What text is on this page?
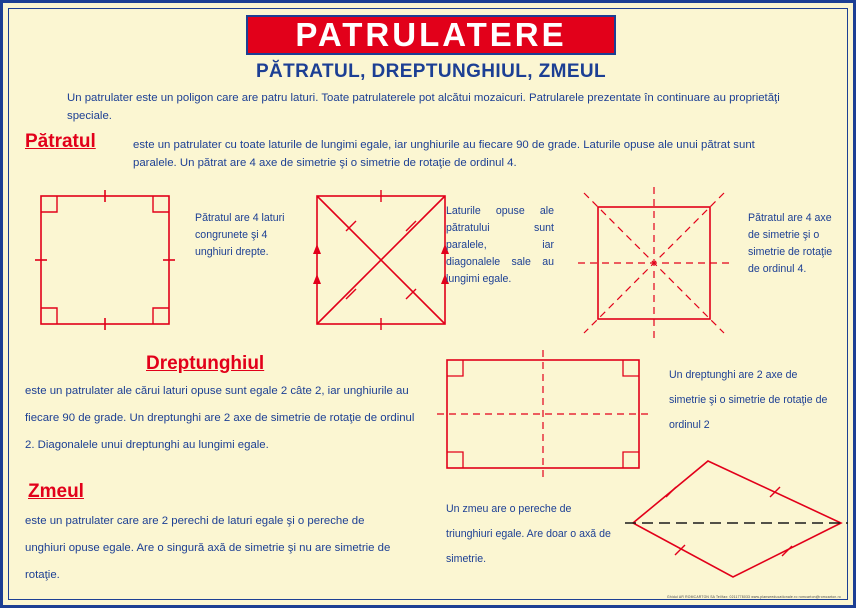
PATRULATERE
PĂTRATUL, DREPTUNGHIUL, ZMEUL
Un patrulater este un poligon care are patru laturi. Toate patrulaterele pot alcătui mozaicuri. Patrularele prezentate în continuare au proprietăţi speciale.
Pătratul	este un patrulater cu toate laturile de lungimi egale, iar unghiurile au fiecare 90 de grade. Laturile opuse ale unui pătrat sunt paralele. Un pătrat are 4 axe de simetrie şi o simetrie de rotaţie de ordinul 4.
Pătratul are 4 laturi congrunete şi 4 unghiuri drepte.
Laturile opuse ale pătratului sunt paralele, iar diagonalele sale au lungimi egale.
Pătratul are 4 axe de simetrie şi o simetrie de rotaţie de ordinul 4.
Dreptunghiul
este un patrulater ale cărui laturi opuse sunt egale 2 câte 2, iar unghiurile au fiecare 90 de grade. Un dreptunghi are 2 axe de simetrie de rotaţie de ordinul 2. Diagonalele unui dreptunghi au lungimi egale.
Un dreptunghi are 2 axe de simetrie şi o simetrie de rotaţie de ordinul 2
Zmeul
este un patrulater care are 2 perechi de laturi egale şi o pereche de unghiuri opuse egale. Are o singură axă de simetrie şi nu are simetrie de rotaţie.
Un zmeu are o pereche de triunghiuri egale. Are doar o axă de simetrie.
Ghidul AR ROMCARTON SA Tel/fax: 0211778033 www.planseeducationale.ro romcarton@romcarton.ro
